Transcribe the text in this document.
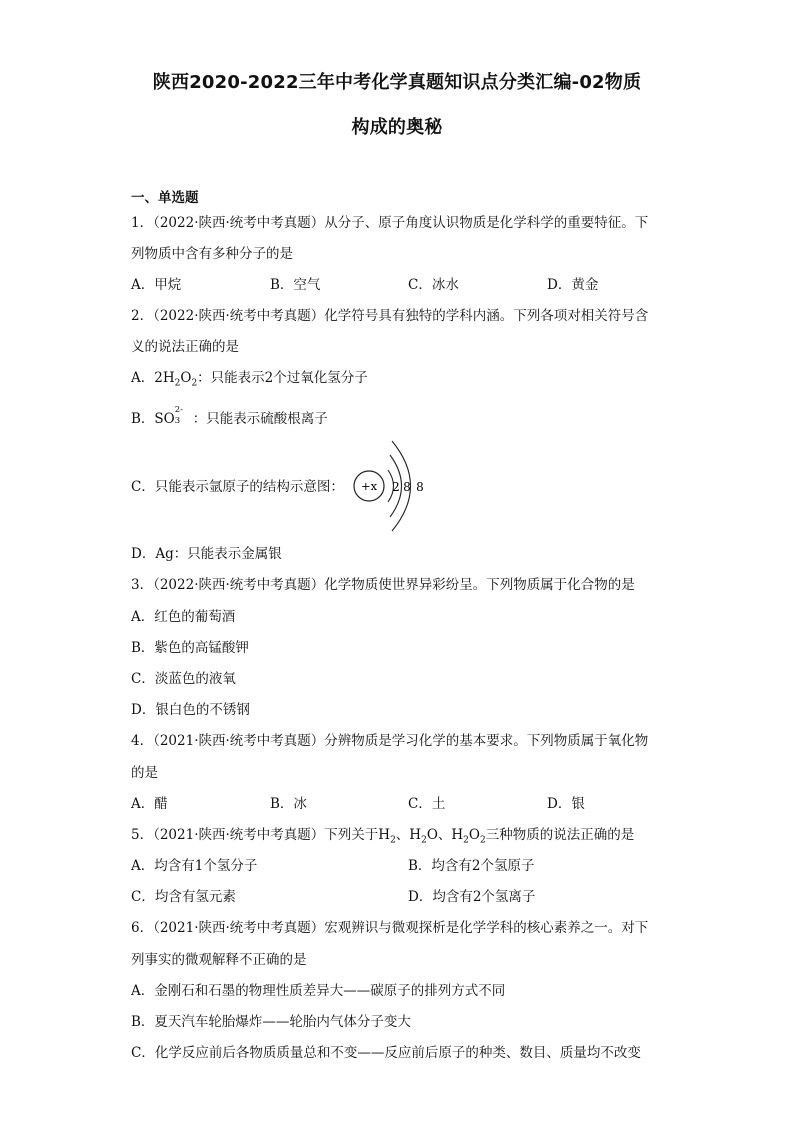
陕西2020-2022三年中考化学真题知识点分类汇编-02物质
构成的奥秘
一、单选题
1．（2022·陕西·统考中考真题）从分子、原子角度认识物质是化学科学的重要特征。下
列物质中含有多种分子的是
A．甲烷	B．空气	C．冰水	D．黄金
2．（2022·陕西·统考中考真题）化学符号具有独特的学科内涵。下列各项对相关符号含
义的说法正确的是
A．$2H_2O_2$：只能表示2个过氧化氢分子
B．SO
2-
3 ：只能表示硫酸根离子
C．只能表示氩原子的结构示意图： +x 2 8 8
D．Ag：只能表示金属银
3．（2022·陕西·统考中考真题）化学物质使世界异彩纷呈。下列物质属于化合物的是
A．红色的葡萄酒
B．紫色的高锰酸钾
C．淡蓝色的液氧
D．银白色的不锈钢
4．（2021·陕西·统考中考真题）分辨物质是学习化学的基本要求。下列物质属于氧化物
的是
A．醋	B．冰	C．土	D．银
5．（2021·陕西·统考中考真题）下列关于$H_2$、$H_2O$、$H_2O_2$三种物质的说法正确的是
A．均含有1个氢分子	B．均含有2个氢原子
C．均含有氢元素	D．均含有2个氢离子
6．（2021·陕西·统考中考真题）宏观辨识与微观探析是化学学科的核心素养之一。对下
列事实的微观解释不正确的是
A．金刚石和石墨的物理性质差异大——碳原子的排列方式不同
B．夏天汽车轮胎爆炸——轮胎内气体分子变大
C．化学反应前后各物质质量总和不变——反应前后原子的种类、数目、质量均不改变
